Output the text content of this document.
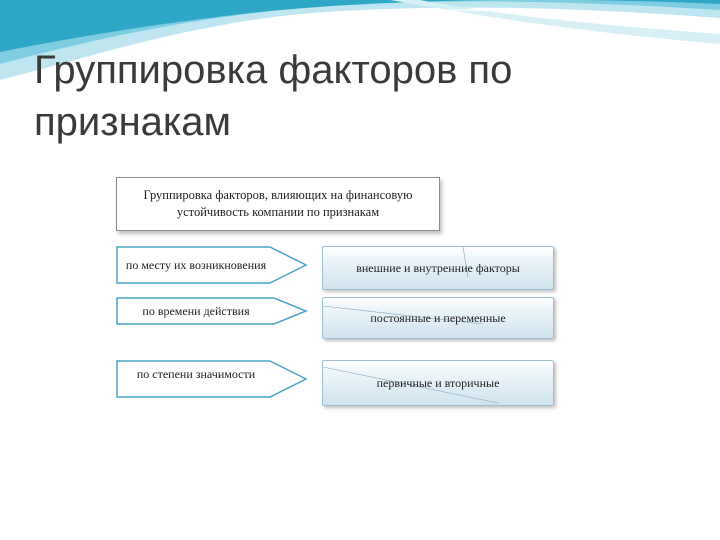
Группировка факторов по признакам
Группировка факторов, влияющих на финансовую
устойчивость компании по признакам
по месту их возникновения	внешние и внутренние факторы
по времени действия	постоянные и переменные
по степени значимости
первичные и вторичные
